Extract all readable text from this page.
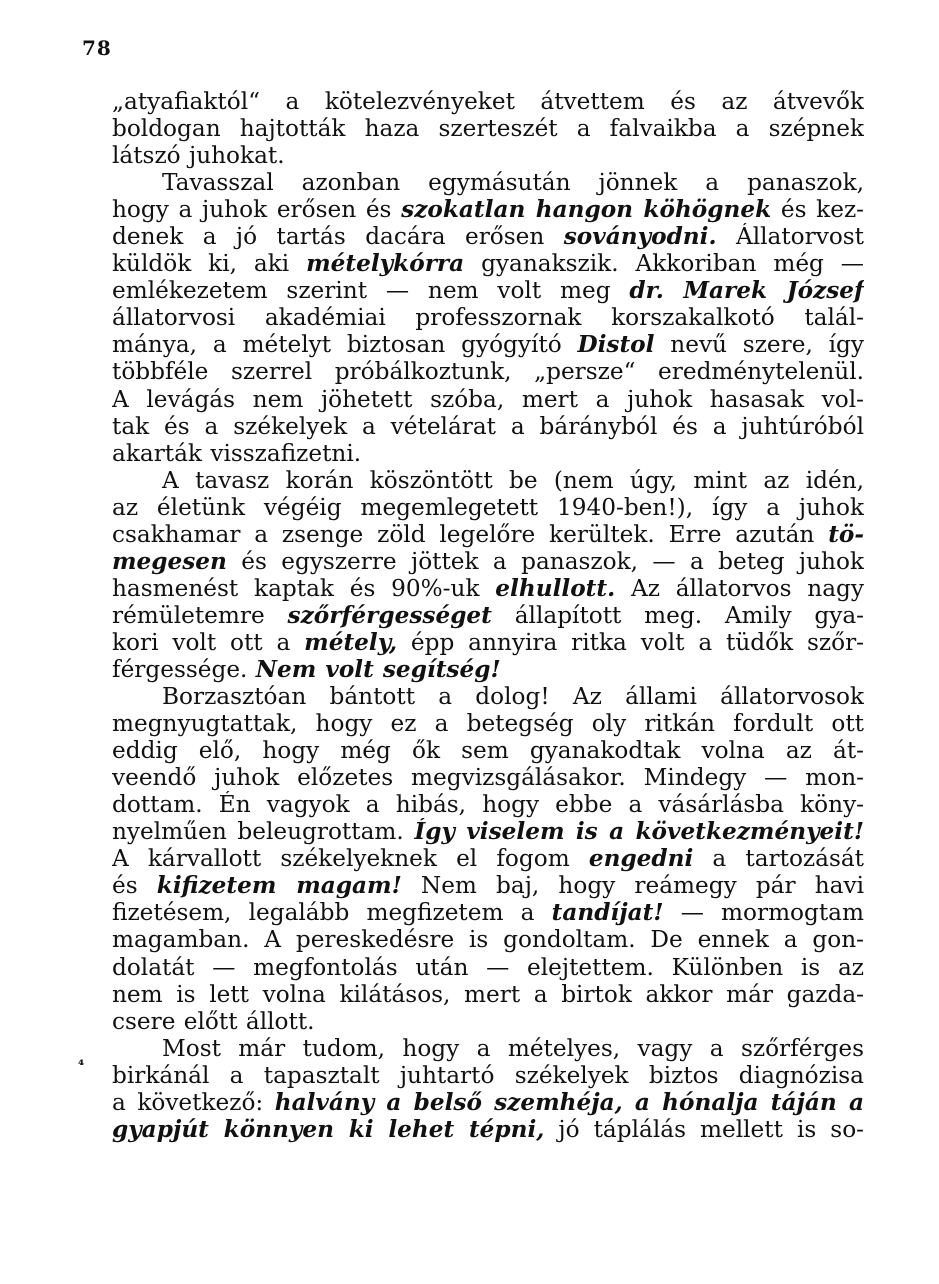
78
⁴
„atyafiaktól“ a kötelezvényeket átvettem és az átvevők
boldogan hajtották haza szerteszét a falvaikba a szépnek
látszó juhokat.
Tavasszal azonban egymásután jönnek a panaszok,
hogy a juhok erősen és szokatlan hangon köhögnek és kez-
denek a jó tartás dacára erősen soványodni. Állatorvost
küldök ki, aki mételykórra gyanakszik. Akkoriban még —
emlékezetem szerint — nem volt meg dr. Marek József
állatorvosi akadémiai professzornak korszakalkotó talál-
mánya, a mételyt biztosan gyógyító Distol nevű szere, így
többféle szerrel próbálkoztunk, „persze“ eredménytelenül.
A levágás nem jöhetett szóba, mert a juhok hasasak vol-
tak és a székelyek a vételárat a bárányból és a juhtúróból
akarták visszafizetni.
A tavasz korán köszöntött be (nem úgy, mint az idén,
az életünk végéig megemlegetett 1940-ben!), így a juhok
csakhamar a zsenge zöld legelőre kerültek. Erre azután tö-
megesen és egyszerre jöttek a panaszok, — a beteg juhok
hasmenést kaptak és 90%-uk elhullott. Az állatorvos nagy
rémületemre szőrférgességet állapított meg. Amily gya-
kori volt ott a métely, épp annyira ritka volt a tüdők szőr-
férgessége. Nem volt segítség!
Borzasztóan bántott a dolog! Az állami állatorvosok
megnyugtattak, hogy ez a betegség oly ritkán fordult ott
eddig elő, hogy még ők sem gyanakodtak volna az át-
veendő juhok előzetes megvizsgálásakor. Mindegy — mon-
dottam. Én vagyok a hibás, hogy ebbe a vásárlásba köny-
nyelműen beleugrottam. Így viselem is a következményeit!
A kárvallott székelyeknek el fogom engedni a tartozását
és kifizetem magam! Nem baj, hogy reámegy pár havi
fizetésem, legalább megfizetem a tandíjat! — mormogtam
magamban. A pereskedésre is gondoltam. De ennek a gon-
dolatát — megfontolás után — elejtettem. Különben is az
nem is lett volna kilátásos, mert a birtok akkor már gazda-
cserе előtt állott.
Most már tudom, hogy a mételyes, vagy a szőrférges
birkánál a tapasztalt juhtartó székelyek biztos diagnózisa
a következő: halvány a belső szemhéja, a hónalja táján a
gyapjút könnyen ki lehet tépni, jó táplálás mellett is so-
